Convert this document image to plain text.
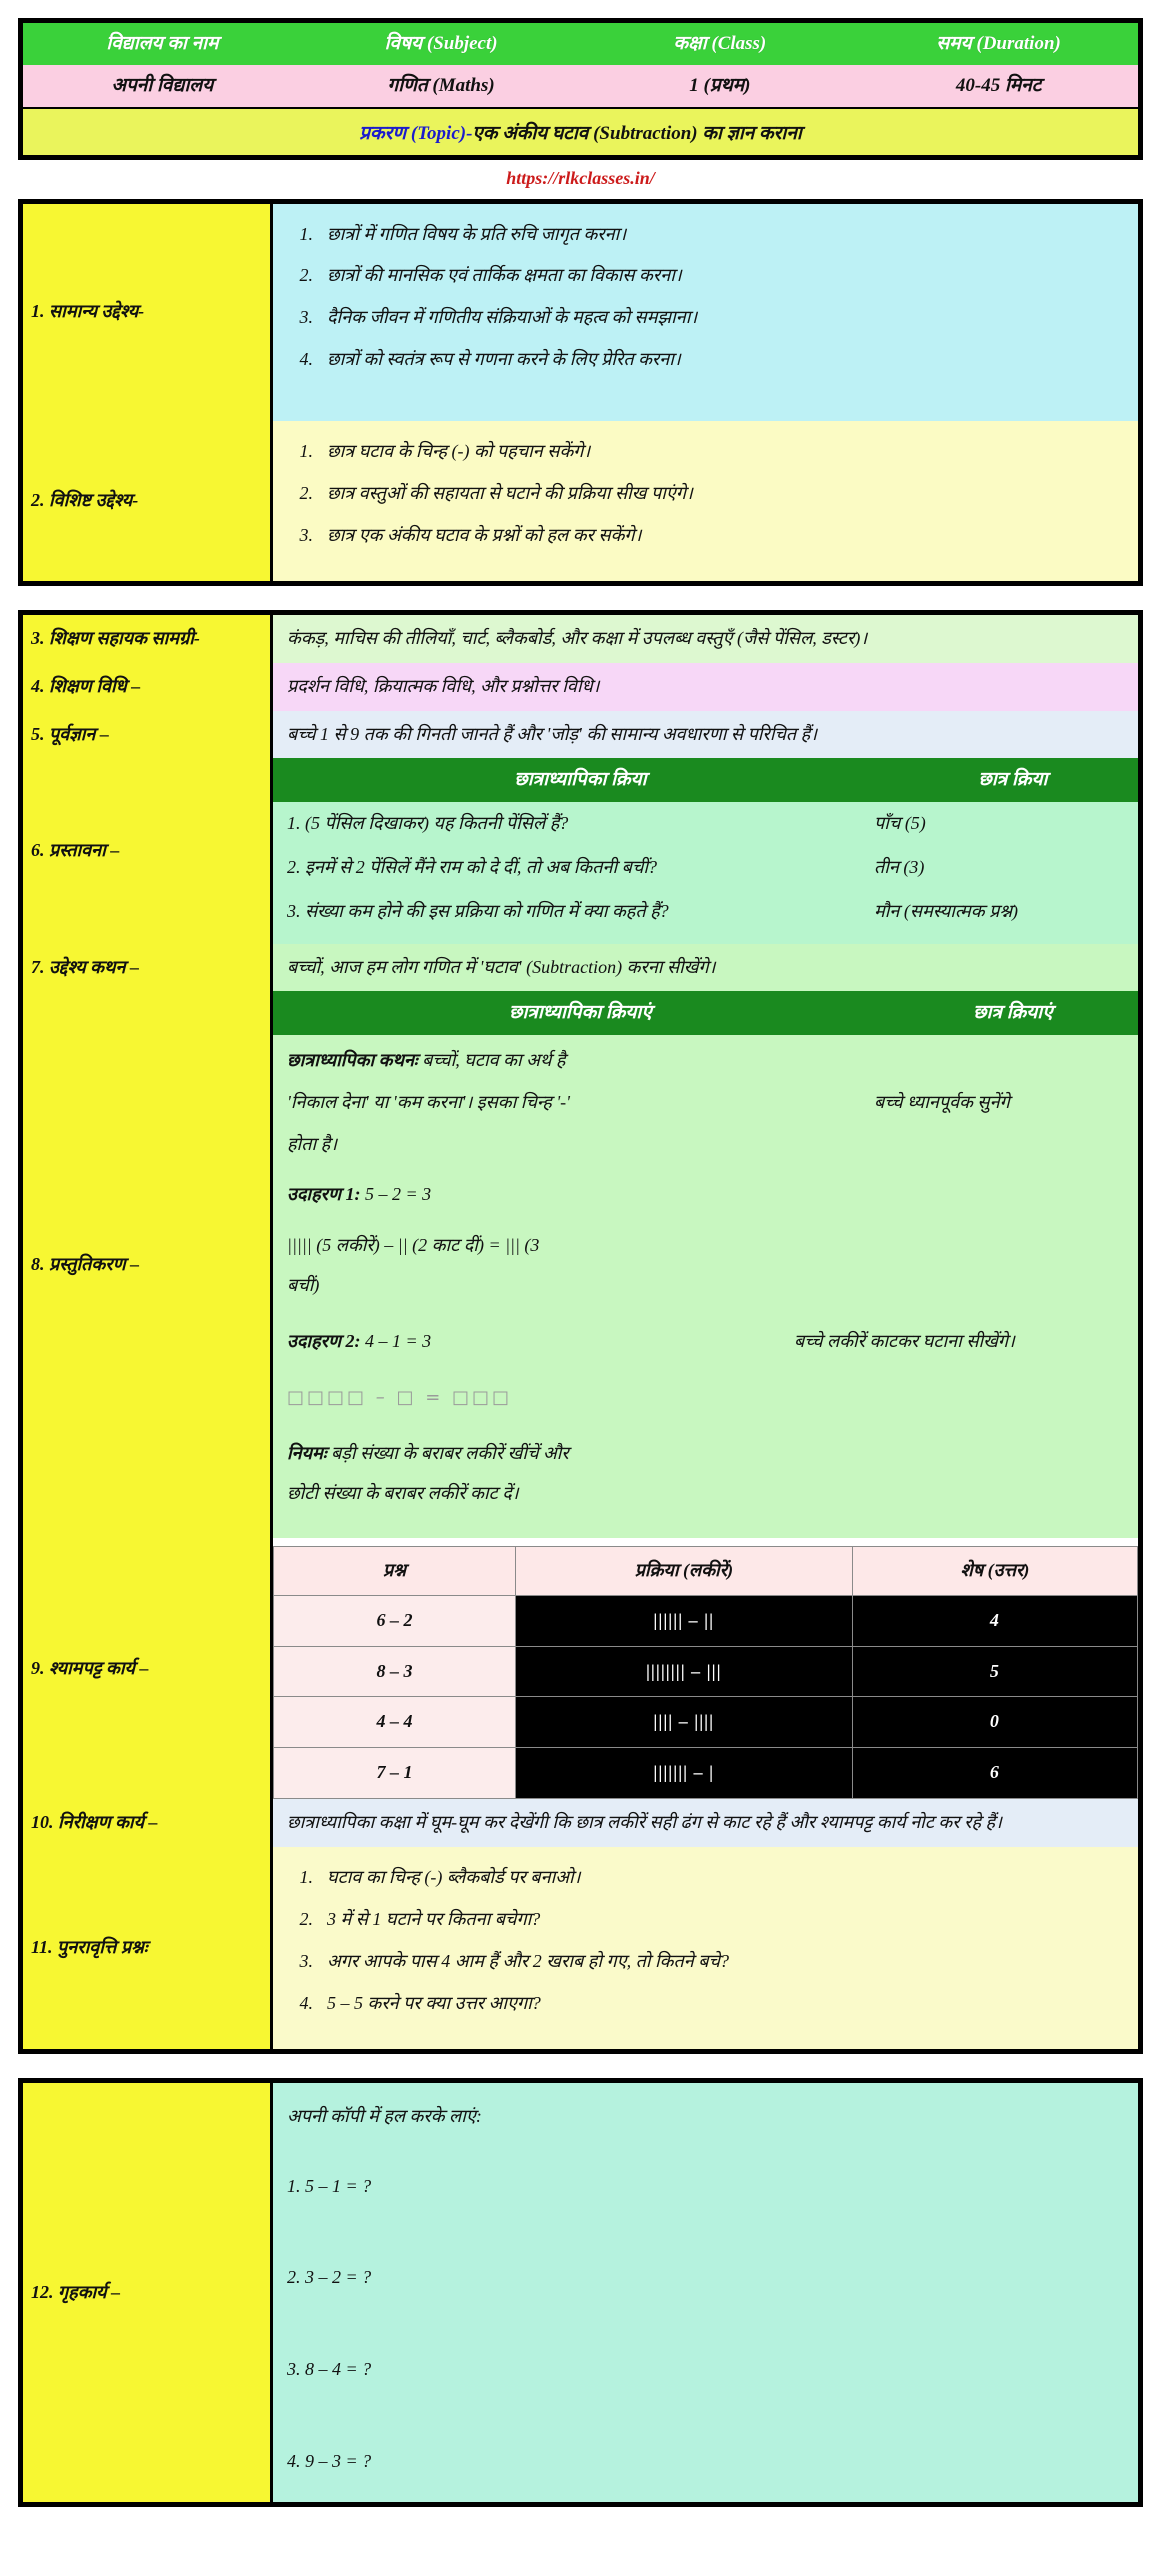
विद्यालय का नाम	विषय (Subject)	कक्षा (Class)	समय (Duration)
अपनी विद्यालय	गणित (Maths)	1 (प्रथम)	40-45 मिनट
प्रकरण (Topic)-एक अंकीय घटाव (Subtraction) का ज्ञान कराना
https://rlkclasses.in/
1. सामान्य उद्देश्य-
1. छात्रों में गणित विषय के प्रति रुचि जागृत करना।
2. छात्रों की मानसिक एवं तार्किक क्षमता का विकास करना।
3. दैनिक जीवन में गणितीय संक्रियाओं के महत्व को समझाना।
4. छात्रों को स्वतंत्र रूप से गणना करने के लिए प्रेरित करना।
2. विशिष्ट उद्देश्य-
1. छात्र घटाव के चिन्ह (-) को पहचान सकेंगे।
2. छात्र वस्तुओं की सहायता से घटाने की प्रक्रिया सीख पाएंगे।
3. छात्र एक अंकीय घटाव के प्रश्नों को हल कर सकेंगे।
3. शिक्षण सहायक सामग्री-	कंकड़, माचिस की तीलियाँ, चार्ट, ब्लैकबोर्ड, और कक्षा में उपलब्ध वस्तुएँ (जैसे पेंसिल, डस्टर)।
4. शिक्षण विधि –	प्रदर्शन विधि, क्रियात्मक विधि, और प्रश्नोत्तर विधि।
5. पूर्वज्ञान –	बच्चे 1 से 9 तक की गिनती जानते हैं और 'जोड़' की सामान्य अवधारणा से परिचित हैं।
6. प्रस्तावना –
छात्राध्यापिका क्रिया	छात्र क्रिया
1. (5 पेंसिल दिखाकर) यह कितनी पेंसिलें हैं?	पाँच (5)
2. इनमें से 2 पेंसिलें मैंने राम को दे दीं, तो अब कितनी बचीं?	तीन (3)
3. संख्या कम होने की इस प्रक्रिया को गणित में क्या कहते हैं?	मौन (समस्यात्मक प्रश्न)
7. उद्देश्य कथन –	बच्चों, आज हम लोग गणित में 'घटाव' (Subtraction) करना सीखेंगे।
8. प्रस्तुतिकरण –
छात्राध्यापिका क्रियाएं	छात्र क्रियाएं
छात्राध्यापिका कथनः बच्चों, घटाव का अर्थ है
'निकाल देना' या 'कम करना'। इसका चिन्ह '-'	बच्चे ध्यानपूर्वक सुनेंगे
होता है।
उदाहरण 1: 5 – 2 = 3
||||| (5 लकीरें) – || (2 काट दीं) = ||| (3
बचीं)
उदाहरण 2: 4 – 1 = 3	बच्चे लकीरें काटकर घटाना सीखेंगे।
□□□□ – □ = □□□
नियमः बड़ी संख्या के बराबर लकीरें खींचें और
छोटी संख्या के बराबर लकीरें काट दें।
9. श्यामपट्ट कार्य –
प्रश्न	प्रक्रिया (लकीरें)	शेष (उत्तर)
6 – 2	|||||| – ||	4
8 – 3	|||||||| – |||	5
4 – 4	|||| – ||||	0
7 – 1	||||||| – |	6
10. निरीक्षण कार्य –	छात्राध्यापिका कक्षा में घूम-घूम कर देखेंगी कि छात्र लकीरें सही ढंग से काट रहे हैं और श्यामपट्ट कार्य नोट कर रहे हैं।
11. पुनरावृत्ति प्रश्नः
1. घटाव का चिन्ह (-) ब्लैकबोर्ड पर बनाओ।
2. 3 में से 1 घटाने पर कितना बचेगा?
3. अगर आपके पास 4 आम हैं और 2 खराब हो गए, तो कितने बचे?
4. 5 – 5 करने पर क्या उत्तर आएगा?
12. गृहकार्य –
अपनी कॉपी में हल करके लाएं:
1. 5 – 1 = ?
2. 3 – 2 = ?
3. 8 – 4 = ?
4. 9 – 3 = ?
